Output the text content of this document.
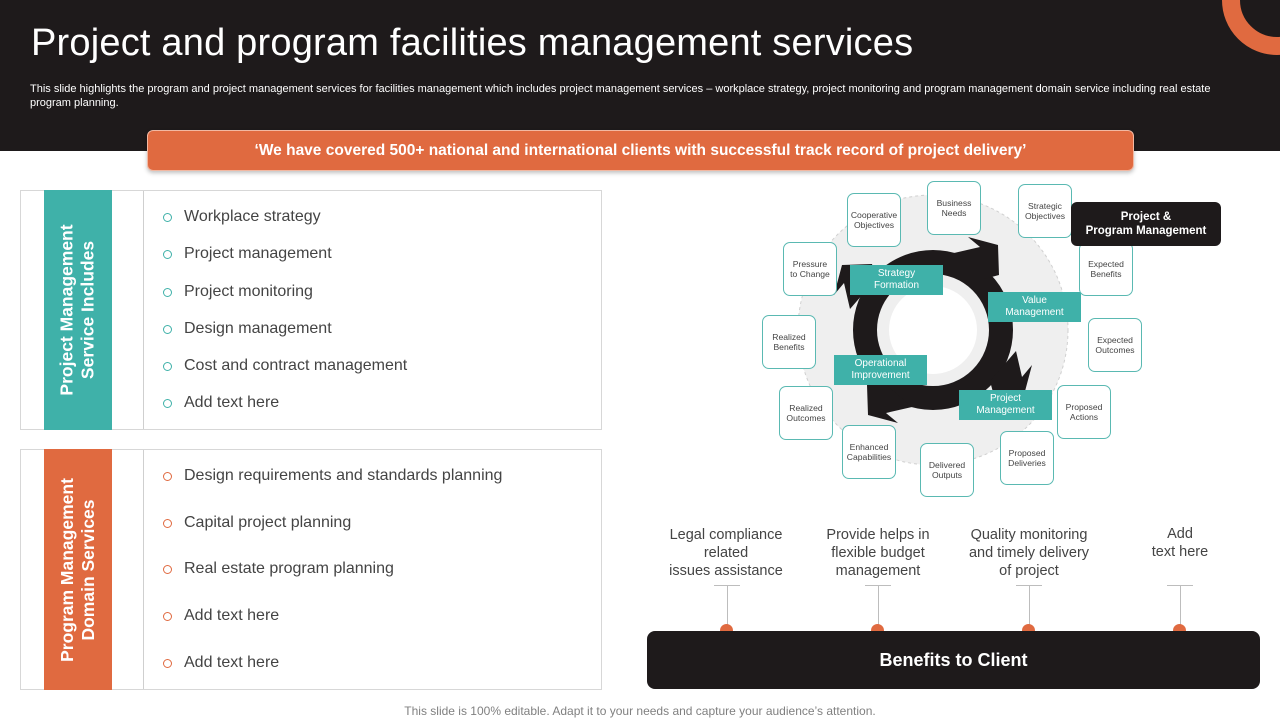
Project and program facilities management services

This slide highlights the program and project management services for facilities management which includes project management services – workplace strategy, project monitoring and program management domain service including real estate program planning.

‘We have covered 500+ national and international clients with successful track record of project delivery’
Project Management Service Includes
Workplace strategy
Project management
Project monitoring
Design management
Cost and contract management
Add text here
Program Management Domain Services
Design requirements and standards planning
Capital project planning
Real estate program planning
Add text here
Add text here
Strategy
Formation
Value
Management
Project
Management
Operational
Improvement
Business
Needs
Strategic
Objectives
Expected
Benefits
Expected
Outcomes
Proposed
Actions
Proposed
Deliveries
Delivered
Outputs
Enhanced
Capabilities
Realized
Outcomes
Realized
Benefits
Pressure
to Change
Cooperative
Objectives
Project &
Program Management
Legal compliance
related
issues assistance
Provide helps in
flexible budget
management
Quality monitoring
and timely delivery
of project
Add
text here
Benefits to Client
This slide is 100% editable. Adapt it to your needs and capture your audience’s attention.
